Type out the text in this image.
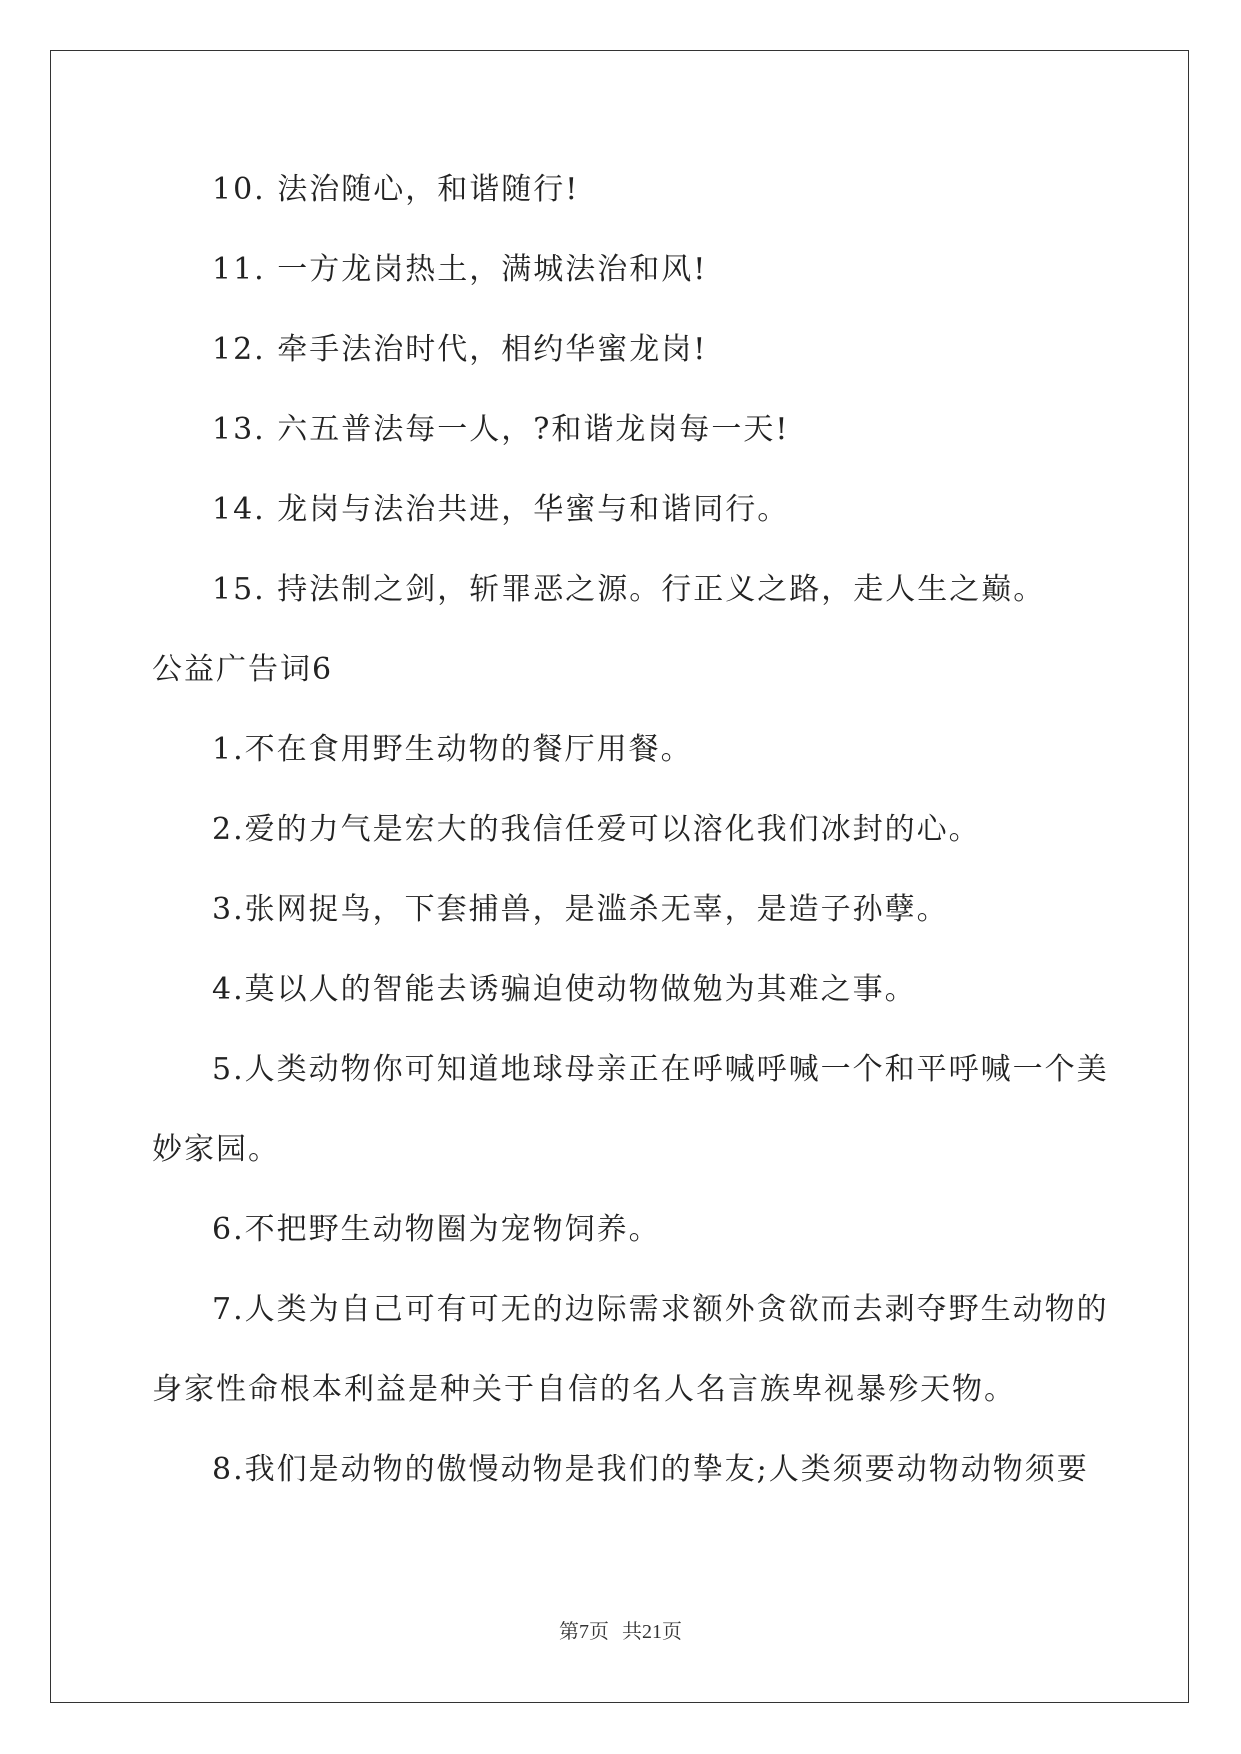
10. 法治随心，和谐随行!
11. 一方龙岗热土，满城法治和风!
12. 牵手法治时代，相约华蜜龙岗!
13. 六五普法每一人，?和谐龙岗每一天!
14. 龙岗与法治共进，华蜜与和谐同行。
15. 持法制之剑，斩罪恶之源。行正义之路，走人生之巅。
公益广告词6
1.不在食用野生动物的餐厅用餐。
2.爱的力气是宏大的我信任爱可以溶化我们冰封的心。
3.张网捉鸟，下套捕兽，是滥杀无辜，是造子孙孽。
4.莫以人的智能去诱骗迫使动物做勉为其难之事。
5.人类动物你可知道地球母亲正在呼喊呼喊一个和平呼喊一个美
妙家园。
6.不把野生动物圈为宠物饲养。
7.人类为自己可有可无的边际需求额外贪欲而去剥夺野生动物的
身家性命根本利益是种关于自信的名人名言族卑视暴殄天物。
8.我们是动物的傲慢动物是我们的挚友;人类须要动物动物须要
第7页 共21页
